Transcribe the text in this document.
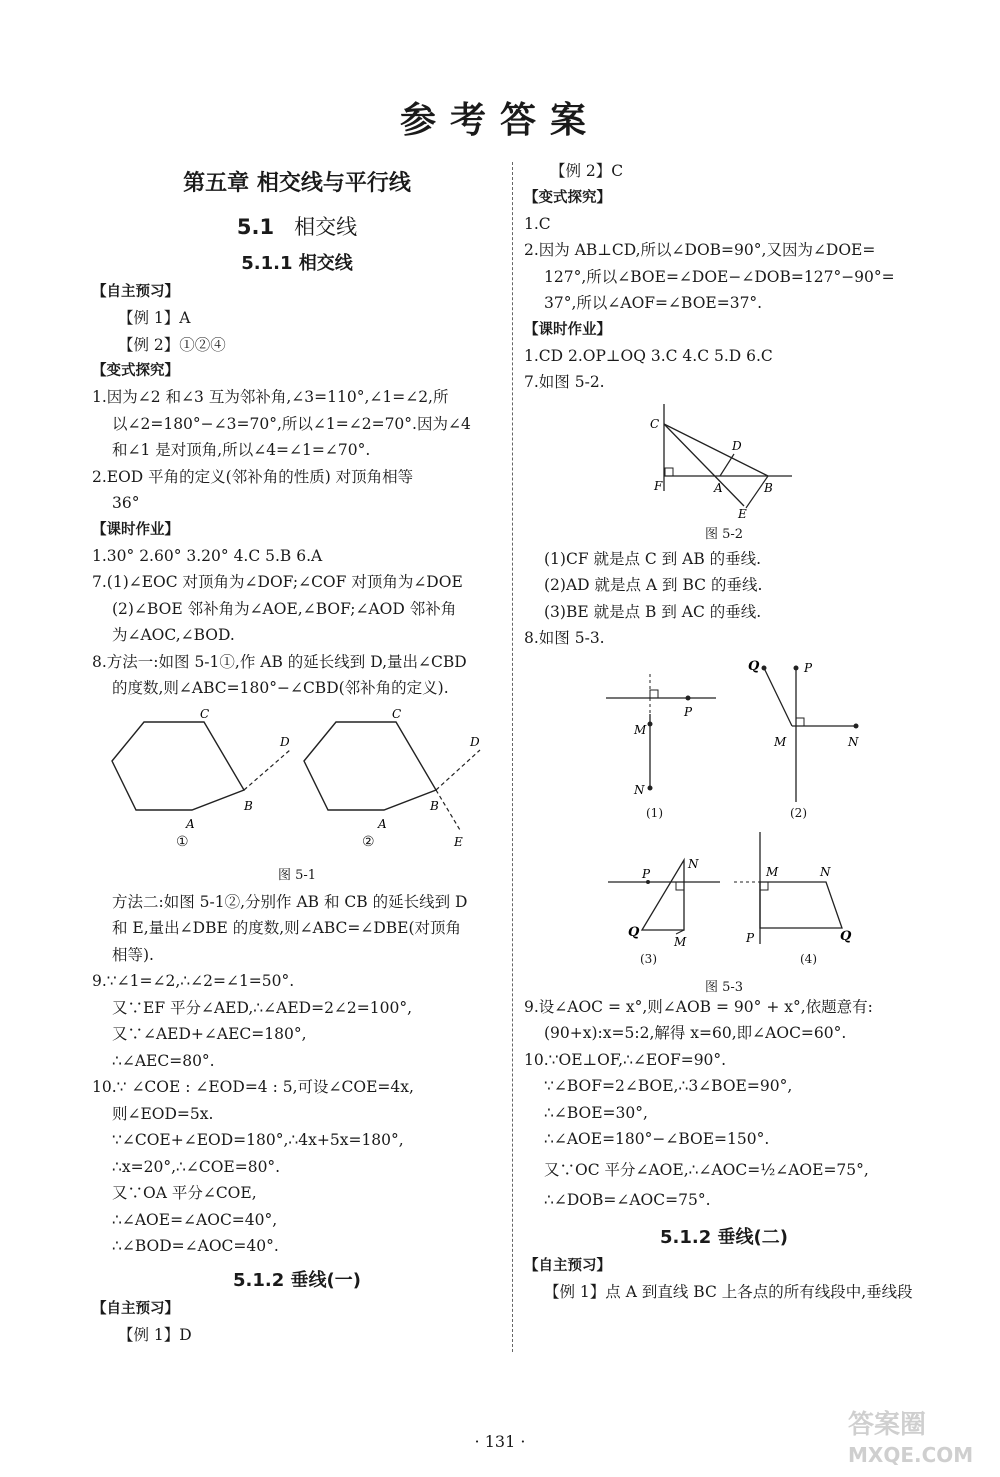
参考答案
第五章 相交线与平行线
5.1 相交线
5.1.1 相交线
【自主预习】
【例 1】A
【例 2】①②④
【变式探究】
1.因为∠2 和∠3 互为邻补角,∠3=110°,∠1=∠2,所
以∠2=180°−∠3=70°,所以∠1=∠2=70°.因为∠4
和∠1 是对顶角,所以∠4=∠1=∠70°.
2.EOD 平角的定义(邻补角的性质) 对顶角相等
36°
【课时作业】
1.30° 2.60° 3.20° 4.C 5.B 6.A
7.(1)∠EOC 对顶角为∠DOF;∠COF 对顶角为∠DOE
(2)∠BOE 邻补角为∠AOE,∠BOF;∠AOD 邻补角
为∠AOC,∠BOD.
8.方法一:如图 5-1①,作 AB 的延长线到 D,量出∠CBD
的度数,则∠ABC=180°−∠CBD(邻补角的定义).
C
D
B
A
C
D
B
A
E
①	②
图 5-1
方法二:如图 5-1②,分别作 AB 和 CB 的延长线到 D
和 E,量出∠DBE 的度数,则∠ABC=∠DBE(对顶角
相等).
9.∵∠1=∠2,∴∠2=∠1=50°.
又∵EF 平分∠AED,∴∠AED=2∠2=100°,
又∵∠AED+∠AEC=180°,
∴∠AEC=80°.
10.∵ ∠COE : ∠EOD=4 : 5,可设∠COE=4x,
则∠EOD=5x.
∵∠COE+∠EOD=180°,∴4x+5x=180°,
∴x=20°,∴∠COE=80°.
又∵OA 平分∠COE,
∴∠AOE=∠AOC=40°,
∴∠BOD=∠AOC=40°.
5.1.2 垂线(一)
【自主预习】
【例 1】D
【例 2】C
【变式探究】
1.C
2.因为 AB⊥CD,所以∠DOB=90°,又因为∠DOE=
127°,所以∠BOE=∠DOE−∠DOB=127°−90°=
37°,所以∠AOF=∠BOE=37°.
【课时作业】
1.CD 2.OP⊥OQ 3.C 4.C 5.D 6.C
7.如图 5-2.
C
D
F	A	B
E
图 5-2
(1)CF 就是点 C 到 AB 的垂线.
(2)AD 就是点 A 到 BC 的垂线.
(3)BE 就是点 B 到 AC 的垂线.
8.如图 5-3.
P
M
N
Q	P
M	N
P
N
Q
M
M	N
P	Q
(1)	(2)
(3)	(4)
图 5-3
9.设∠AOC = x°,则∠AOB = 90° + x°,依题意有:
(90+x):x=5:2,解得 x=60,即∠AOC=60°.
10.∵OE⊥OF,∴∠EOF=90°.
∵∠BOF=2∠BOE,∴3∠BOE=90°,
∴∠BOE=30°,
∴∠AOE=180°−∠BOE=150°.
又∵OC 平分∠AOE,∴∠AOC=½∠AOE=75°,
∴∠DOB=∠AOC=75°.
5.1.2 垂线(二)
【自主预习】
【例 1】点 A 到直线 BC 上各点的所有线段中,垂线段
· 131 ·
答案圈
MXQE.COM
